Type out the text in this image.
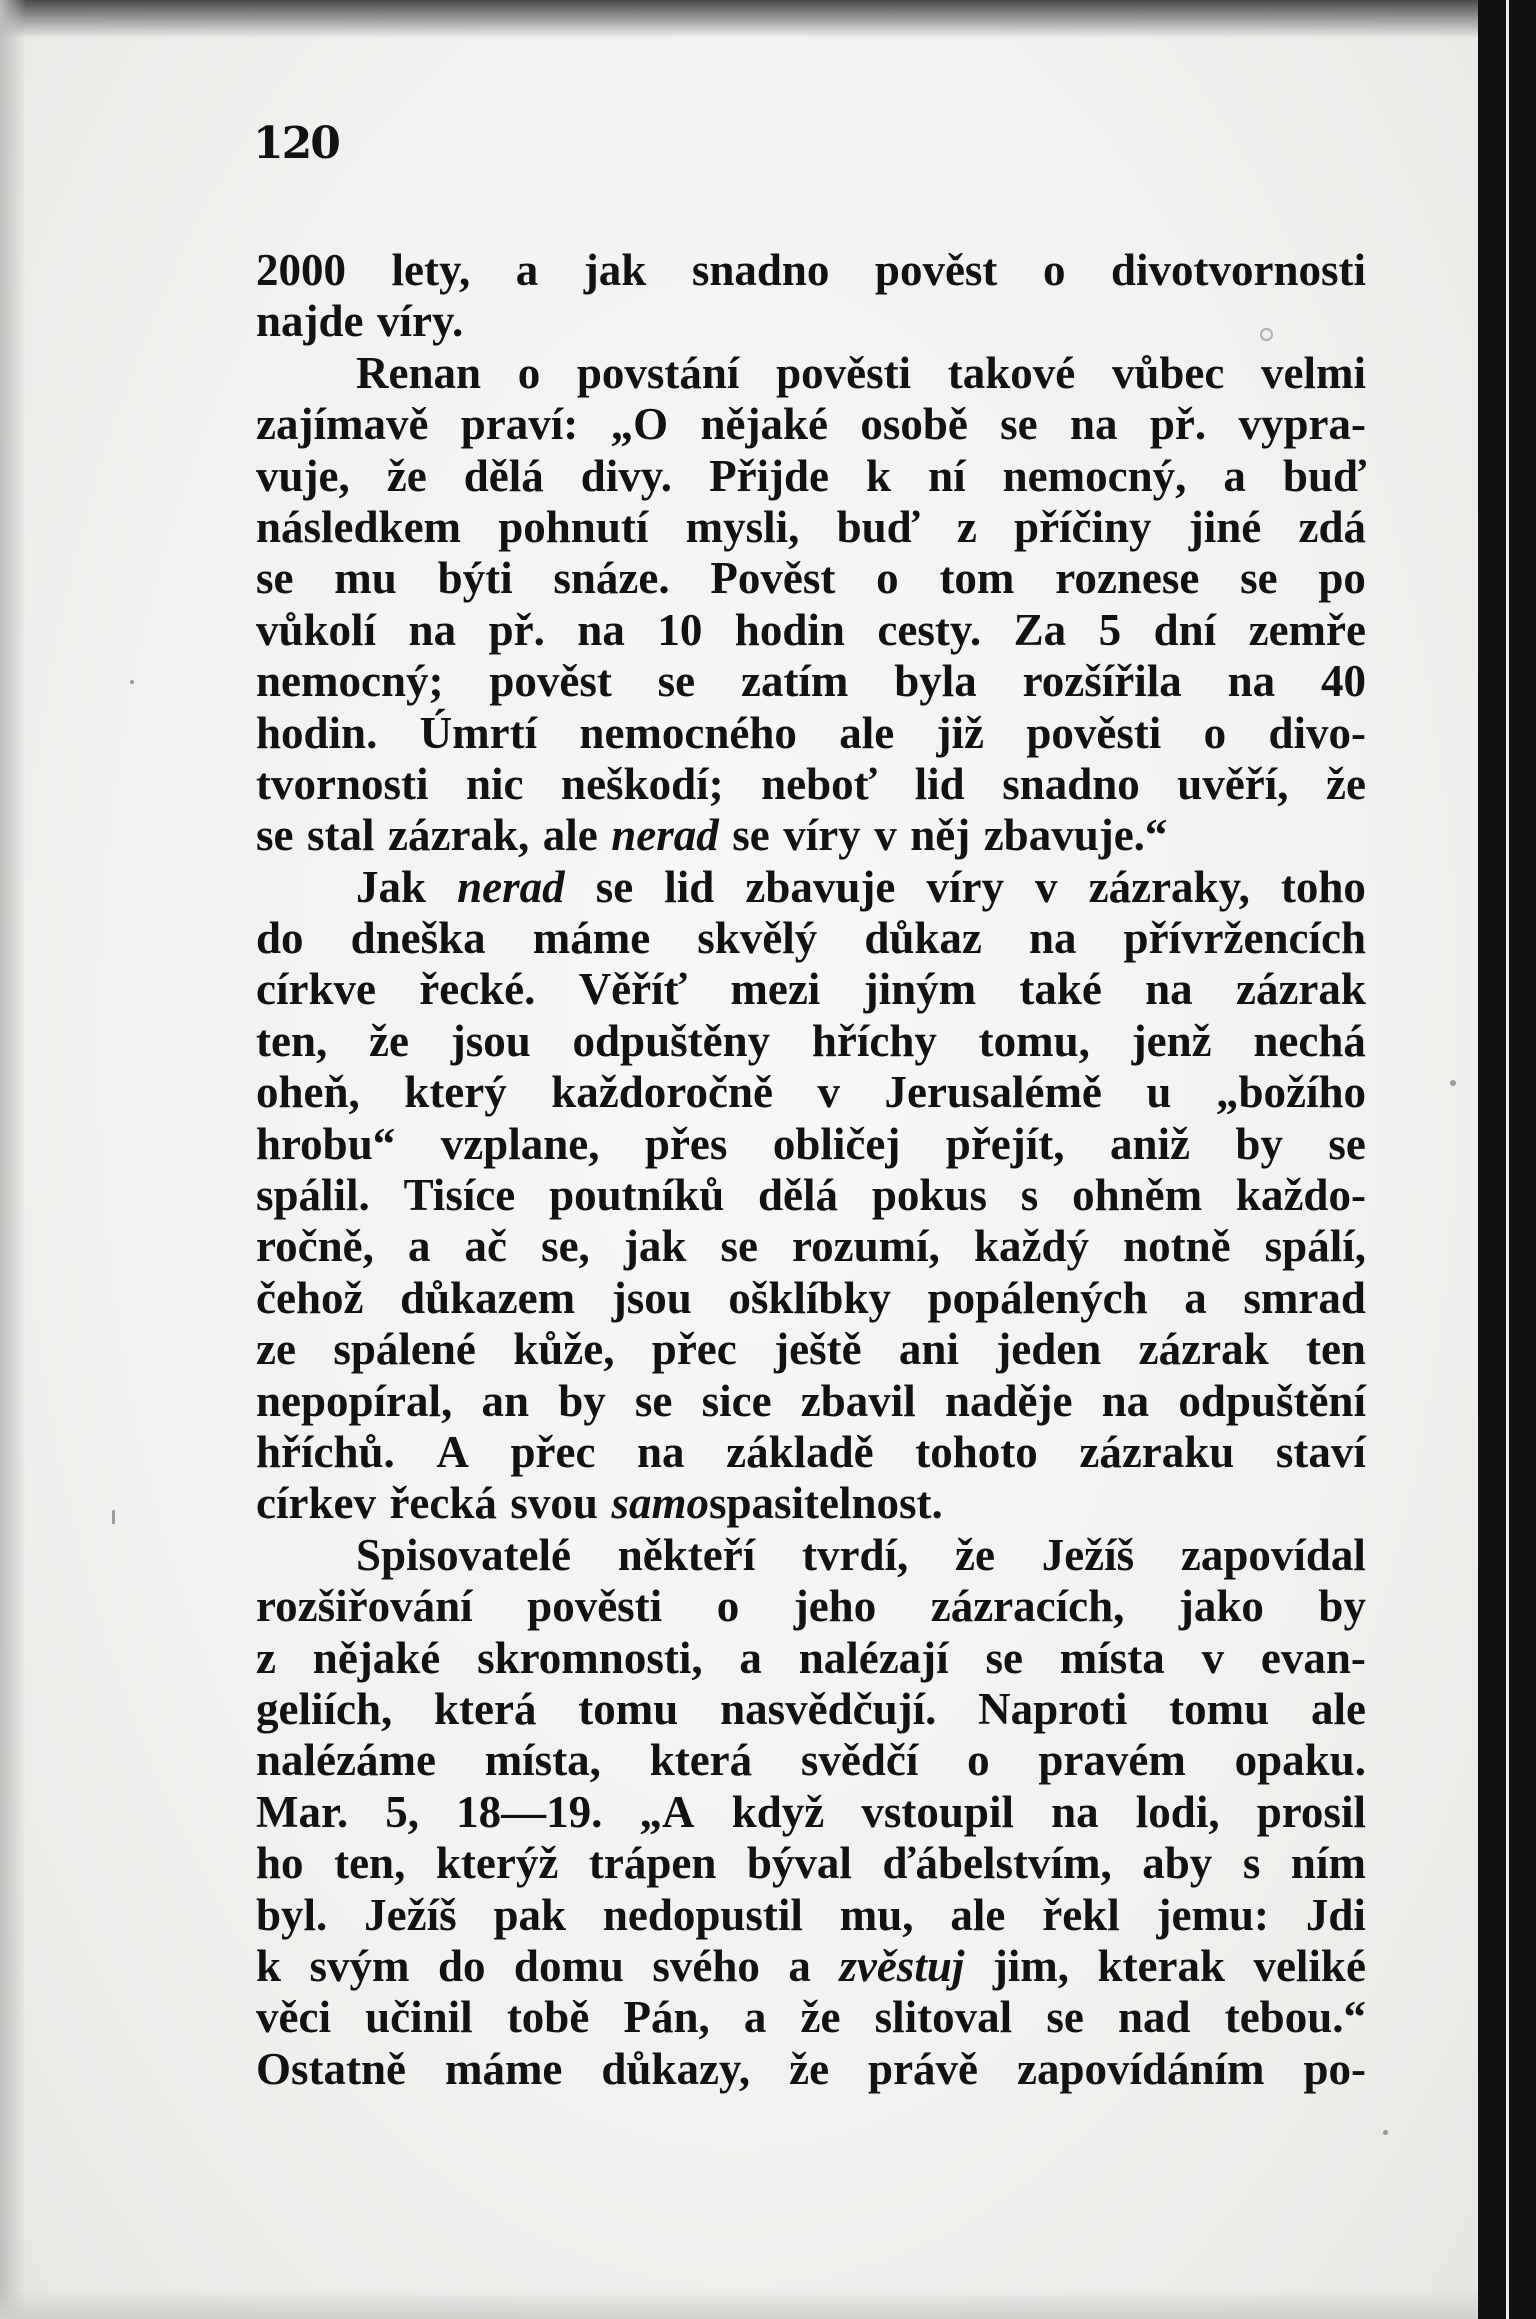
120
2000 lety, a jak snadno pověst o divotvornosti
najde víry.
Renan o povstání pověsti takové vůbec velmi
zajímavě praví: „O nějaké osobě se na př. vypra-
vuje, že dělá divy. Přijde k ní nemocný, a buď
následkem pohnutí mysli, buď z příčiny jiné zdá
se mu býti snáze. Pověst o tom roznese se po
vůkolí na př. na 10 hodin cesty. Za 5 dní zemře
nemocný; pověst se zatím byla rozšířila na 40
hodin. Úmrtí nemocného ale již pověsti o divo-
tvornosti nic neškodí; neboť lid snadno uvěří, že
se stal zázrak, ale nerad se víry v něj zbavuje.“
Jak nerad se lid zbavuje víry v zázraky, toho
do dneška máme skvělý důkaz na přívržencích
církve řecké. Věříť mezi jiným také na zázrak
ten, že jsou odpuštěny hříchy tomu, jenž nechá
oheň, který každoročně v Jerusalémě u „božího
hrobu“ vzplane, přes obličej přejít, aniž by se
spálil. Tisíce poutníků dělá pokus s ohněm každo-
ročně, a ač se, jak se rozumí, každý notně spálí,
čehož důkazem jsou ošklíbky popálených a smrad
ze spálené kůže, přec ještě ani jeden zázrak ten
nepopíral, an by se sice zbavil naděje na odpuštění
hříchů. A přec na základě tohoto zázraku staví
církev řecká svou samospasitelnost.
Spisovatelé někteří tvrdí, že Ježíš zapovídal
rozšiřování pověsti o jeho zázracích, jako by
z nějaké skromnosti, a nalézají se místa v evan-
geliích, která tomu nasvědčují. Naproti tomu ale
nalézáme místa, která svědčí o pravém opaku.
Mar. 5, 18—19. „A když vstoupil na lodi, prosil
ho ten, kterýž trápen býval ďábelstvím, aby s ním
byl. Ježíš pak nedopustil mu, ale řekl jemu: Jdi
k svým do domu svého a zvěstuj jim, kterak veliké
věci učinil tobě Pán, a že slitoval se nad tebou.“
Ostatně máme důkazy, že právě zapovídáním po-
